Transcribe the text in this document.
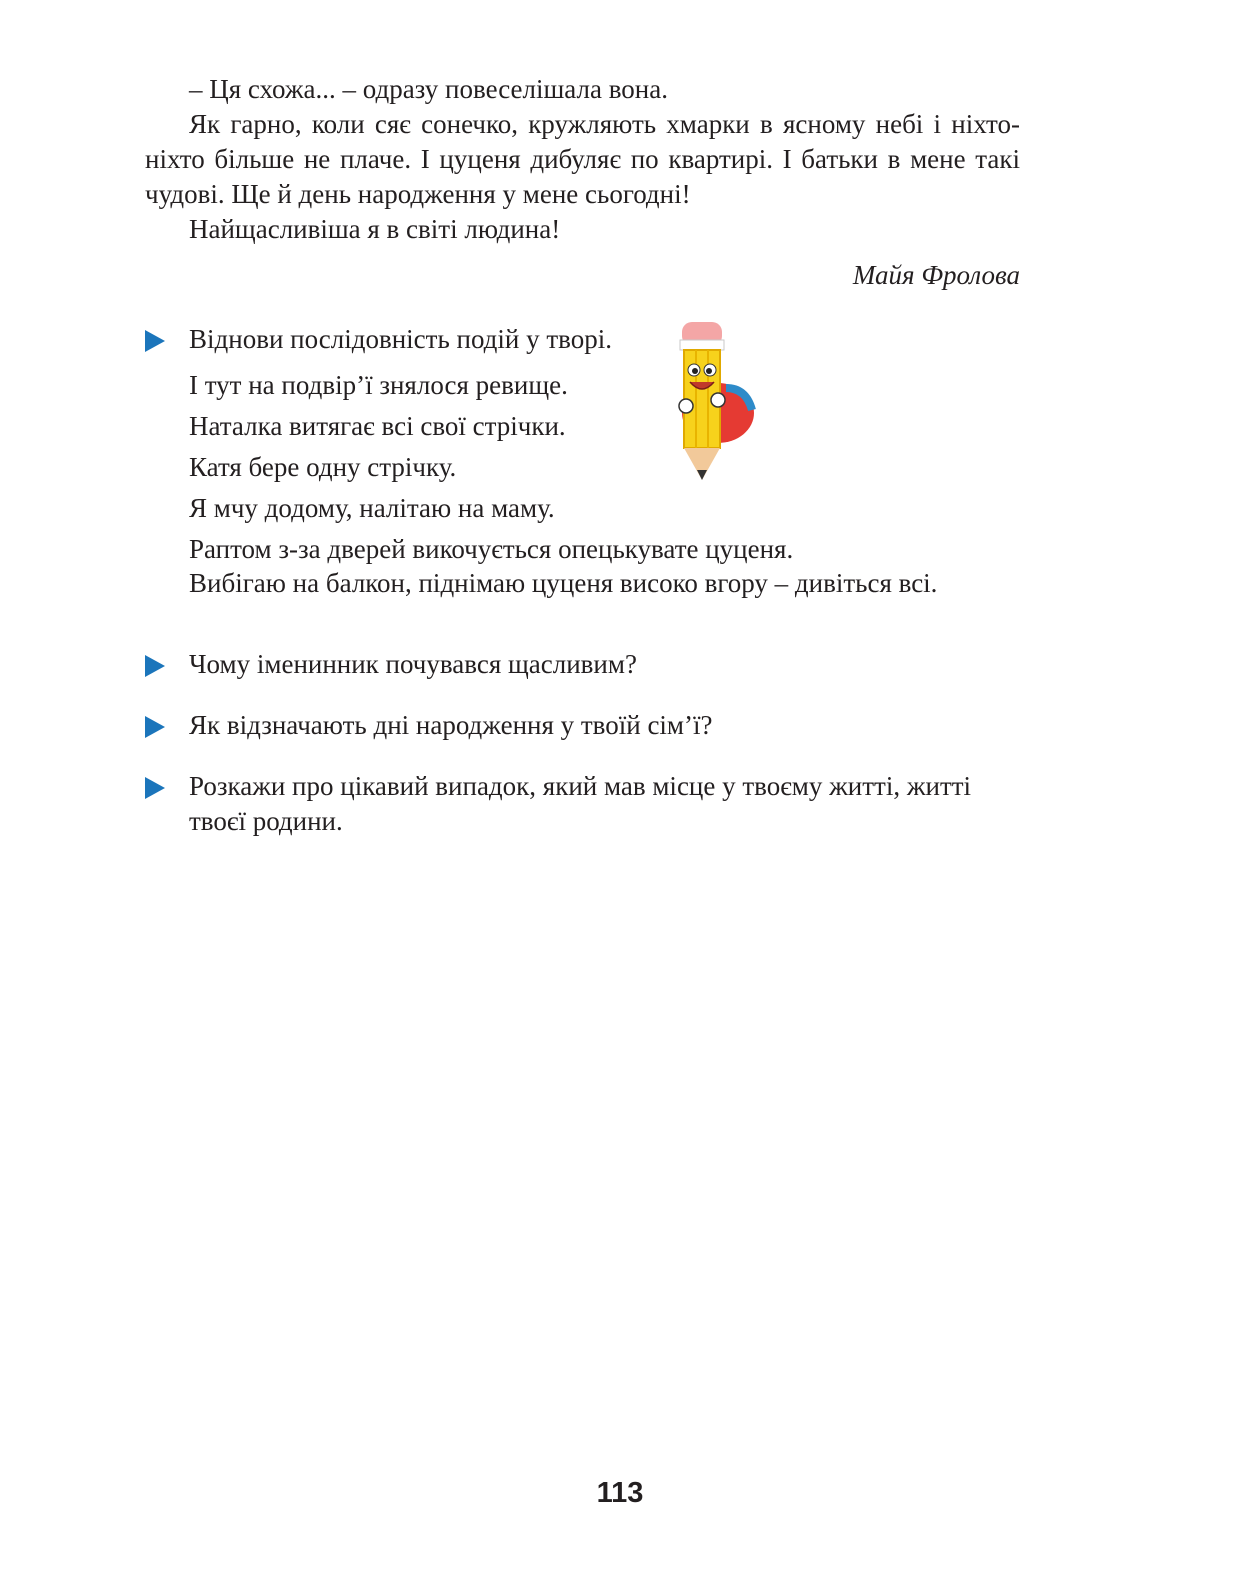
– Ця схожа... – одразу повеселішала вона.

Як гарно, коли сяє сонечко, кружляють хмарки в ясному небі і ніхто-ніхто більше не плаче. І цуценя дибуляє по квартирі. І батьки в мене такі чудові. Ще й день народження у мене сьогодні!

Найщасливіша я в світі людина!

Майя Фролова
Віднови послідовність подій у творі.
І тут на подвір’ї знялося ревище.
Наталка витягає всі свої стрічки.
Катя бере одну стрічку.
Я мчу додому, налітаю на маму.
Раптом з-за дверей викочується опецькувате цуценя.
Вибігаю на балкон, піднімаю цуценя високо вгору – дивіться всі.
Чому іменинник почувався щасливим?
Як відзначають дні народження у твоїй сім’ї?
Розкажи про цікавий випадок, який мав місце у твоєму житті, житті твоєї родини.
113
